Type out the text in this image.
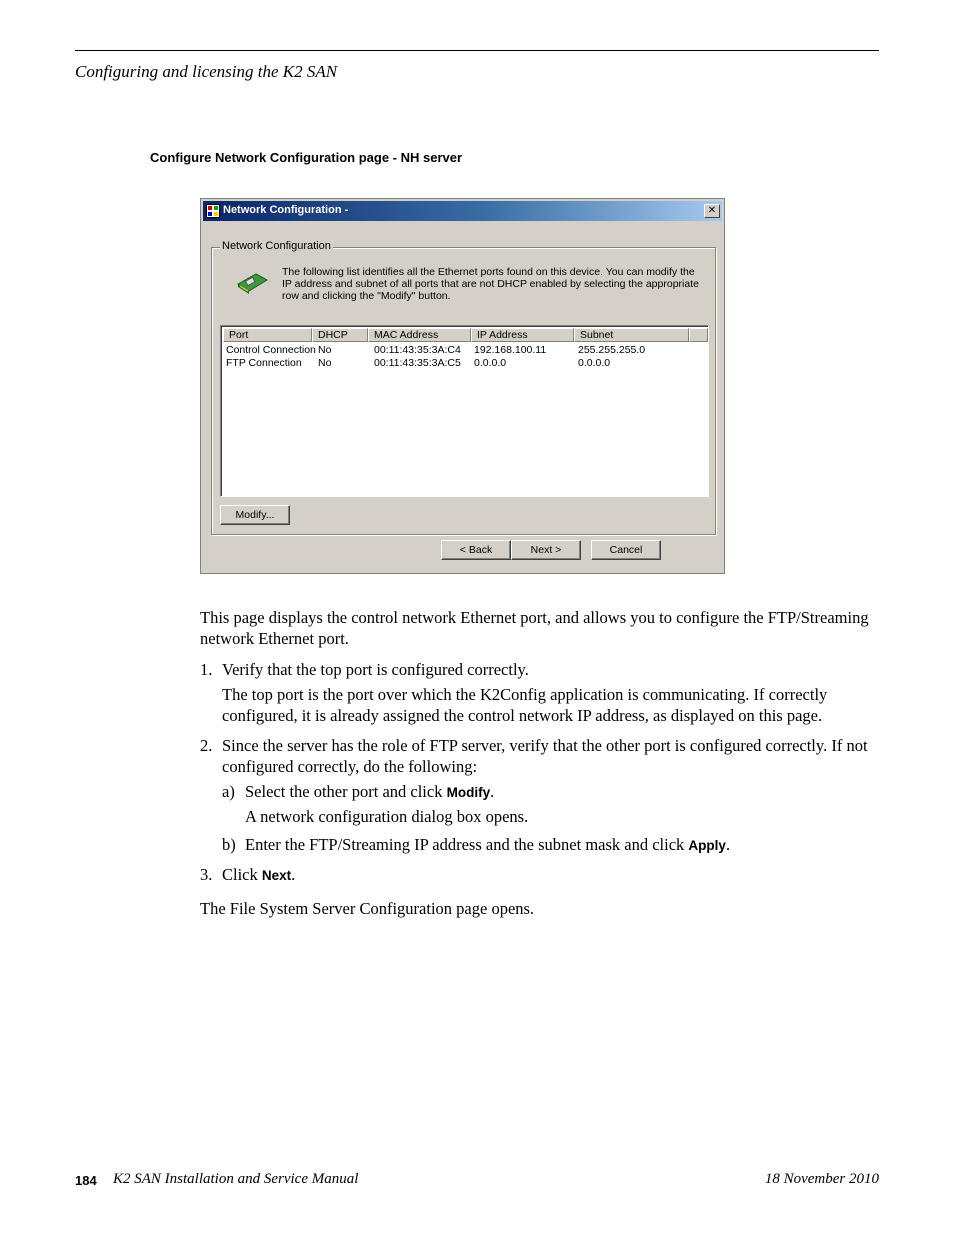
Configuring and licensing the K2 SAN
Configure Network Configuration page - NH server
Network Configuration -	✕
Network Configuration
The following list identifies all the Ethernet ports found on this device. You can modify the IP address and subnet of all ports that are not DHCP enabled by selecting the appropriate row and clicking the "Modify" button.
Port	DHCP	MAC Address	IP Address	Subnet
Control Connection No	00:11:43:35:3A:C4 192.168.100.11	255.255.255.0
FTP Connection No	00:11:43:35:3A:C5 0.0.0.0	0.0.0.0
Modify...
< Back	Next >	Cancel
This page displays the control network Ethernet port, and allows you to configure the FTP/Streaming network Ethernet port.
1. Verify that the top port is configured correctly.
The top port is the port over which the K2Config application is communicating. If correctly configured, it is already assigned the control network IP address, as displayed on this page.
2. Since the server has the role of FTP server, verify that the other port is configured correctly. If not configured correctly, do the following:
a) Select the other port and click Modify.
A network configuration dialog box opens.
b) Enter the FTP/Streaming IP address and the subnet mask and click Apply.
3. Click Next.
The File System Server Configuration page opens.
184 K2 SAN Installation and Service Manual	18 November 2010
